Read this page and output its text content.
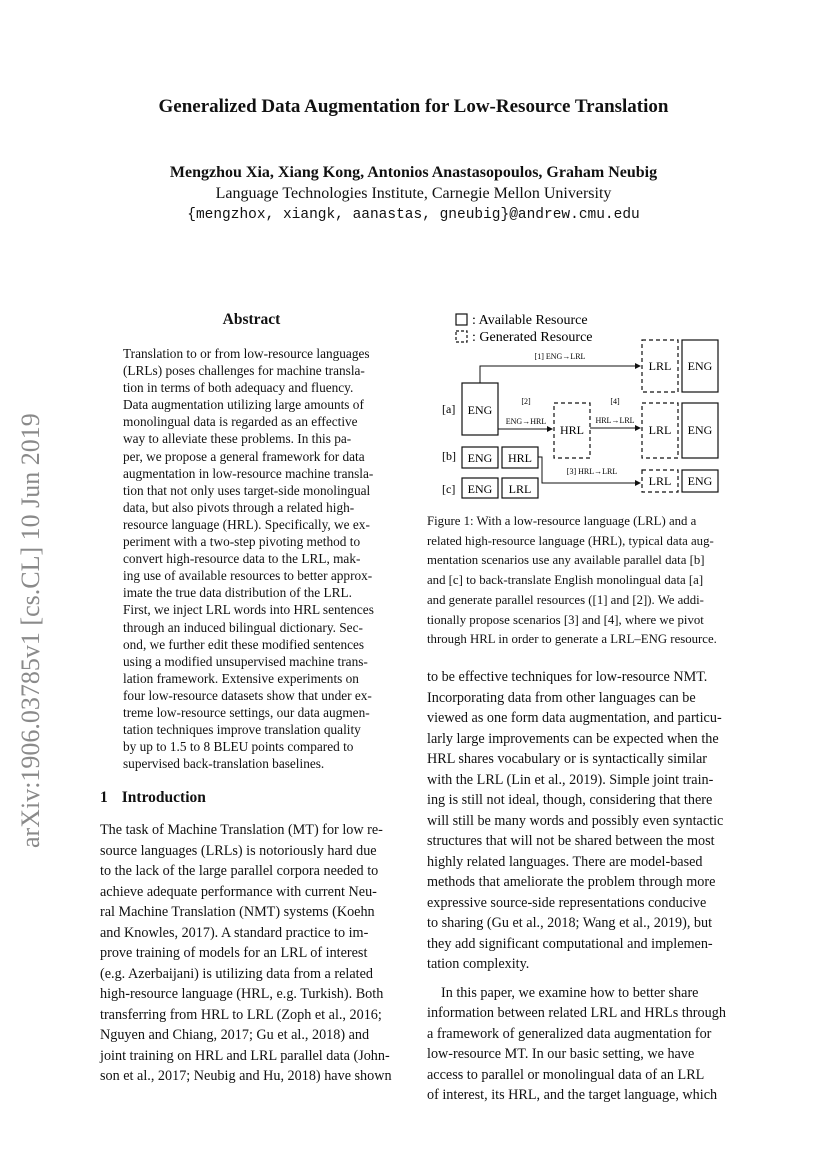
Generalized Data Augmentation for Low-Resource Translation
Mengzhou Xia, Xiang Kong, Antonios Anastasopoulos, Graham Neubig
Language Technologies Institute, Carnegie Mellon University
{mengzhox, xiangk, aanastas, gneubig}@andrew.cmu.edu
arXiv:1906.03785v1 [cs.CL] 10 Jun 2019
Abstract
Translation to or from low-resource languages
(LRLs) poses challenges for machine transla-
tion in terms of both adequacy and fluency.
Data augmentation utilizing large amounts of
monolingual data is regarded as an effective
way to alleviate these problems. In this pa-
per, we propose a general framework for data
augmentation in low-resource machine transla-
tion that not only uses target-side monolingual
data, but also pivots through a related high-
resource language (HRL). Specifically, we ex-
periment with a two-step pivoting method to
convert high-resource data to the LRL, mak-
ing use of available resources to better approx-
imate the true data distribution of the LRL.
First, we inject LRL words into HRL sentences
through an induced bilingual dictionary. Sec-
ond, we further edit these modified sentences
using a modified unsupervised machine trans-
lation framework. Extensive experiments on
four low-resource datasets show that under ex-
treme low-resource settings, our data augmen-
tation techniques improve translation quality
by up to 1.5 to 8 BLEU points compared to
supervised back-translation baselines.
1 Introduction
The task of Machine Translation (MT) for low re-
source languages (LRLs) is notoriously hard due
to the lack of the large parallel corpora needed to
achieve adequate performance with current Neu-
ral Machine Translation (NMT) systems (Koehn
and Knowles, 2017). A standard practice to im-
prove training of models for an LRL of interest
(e.g. Azerbaijani) is utilizing data from a related
high-resource language (HRL, e.g. Turkish). Both
transferring from HRL to LRL (Zoph et al., 2016;
Nguyen and Chiang, 2017; Gu et al., 2018) and
joint training on HRL and LRL parallel data (John-
son et al., 2017; Neubig and Hu, 2018) have shown
: Available Resource
: Generated Resource
[a]
[b]
[c]
ENG
ENG HRL
ENG LRL
[1] ENG→LRL
LRL ENG
[2]
ENG→HRL
HRL
[4]
HRL→LRL
LRL ENG
[3] HRL→LRL
LRL ENG
Figure 1: With a low-resource language (LRL) and a
related high-resource language (HRL), typical data aug-
mentation scenarios use any available parallel data [b]
and [c] to back-translate English monolingual data [a]
and generate parallel resources ([1] and [2]). We addi-
tionally propose scenarios [3] and [4], where we pivot
through HRL in order to generate a LRL–ENG resource.

to be effective techniques for low-resource NMT.
Incorporating data from other languages can be
viewed as one form data augmentation, and particu-
larly large improvements can be expected when the
HRL shares vocabulary or is syntactically similar
with the LRL (Lin et al., 2019). Simple joint train-
ing is still not ideal, though, considering that there
will still be many words and possibly even syntactic
structures that will not be shared between the most
highly related languages. There are model-based
methods that ameliorate the problem through more
expressive source-side representations conducive
to sharing (Gu et al., 2018; Wang et al., 2019), but
they add significant computational and implemen-
tation complexity.

In this paper, we examine how to better share
information between related LRL and HRLs through
a framework of generalized data augmentation for
low-resource MT. In our basic setting, we have
access to parallel or monolingual data of an LRL
of interest, its HRL, and the target language, which
